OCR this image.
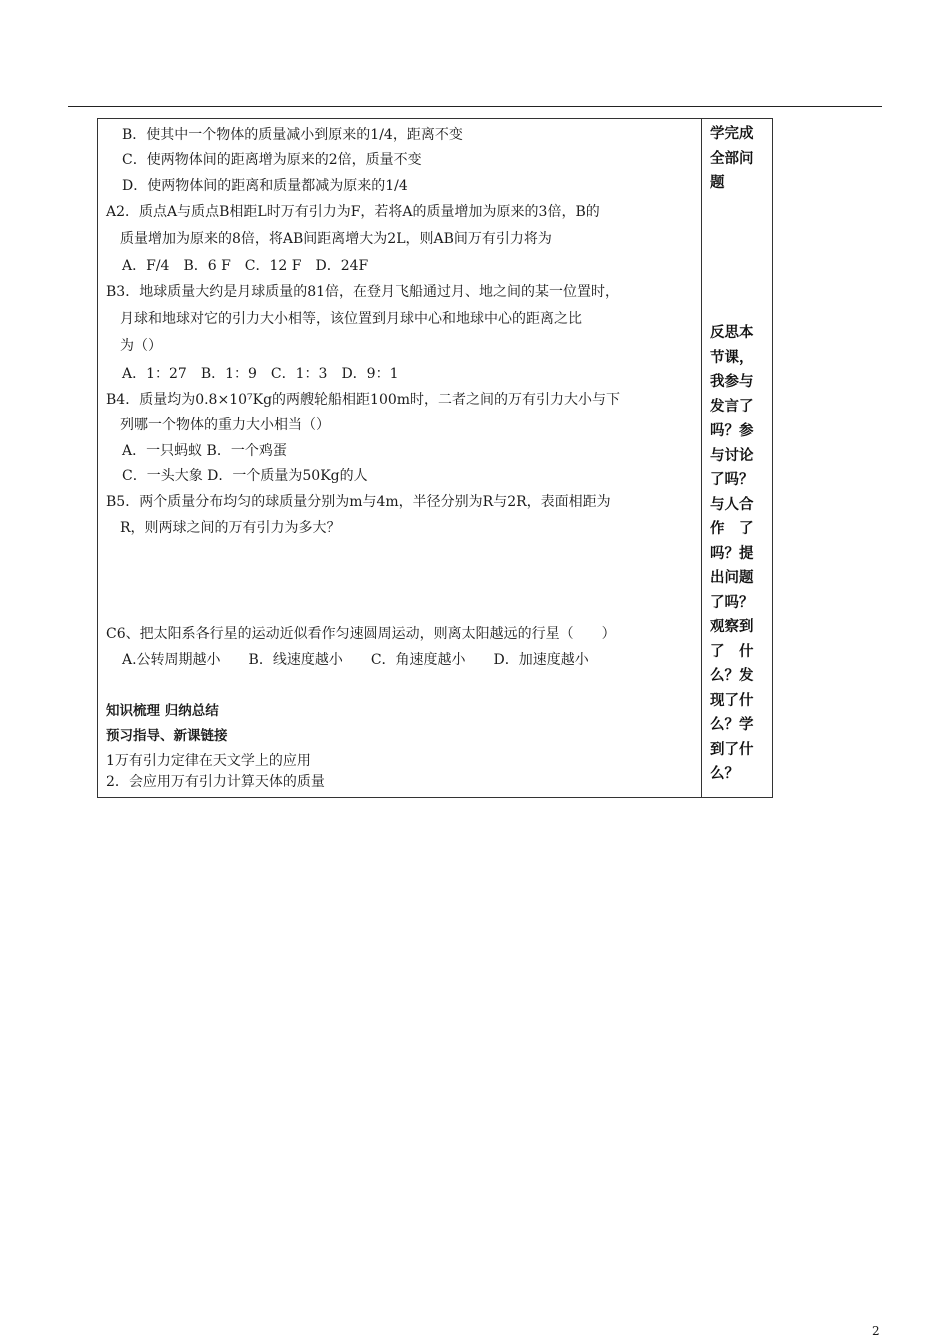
　B．使其中一个物体的质量减小到原来的1/4，距离不变
　C．使两物体间的距离增为原来的2倍，质量不变
　D．使两物体间的距离和质量都减为原来的1/4
A2．质点A与质点B相距L时万有引力为F，若将A的质量增加为原来的3倍，B的
　质量增加为原来的8倍，将AB间距离增大为2L，则AB间万有引力将为
　A．F/4　B．6 F　C．12 F　D．24F
B3．地球质量大约是月球质量的81倍，在登月飞船通过月、地之间的某一位置时，
　月球和地球对它的引力大小相等，该位置到月球中心和地球中心的距离之比
　为（）
　A．1：27　B．1：9　C．1：3　D．9：1
B4．质量均为0.8×10⁷Kg的两艘轮船相距100m时，二者之间的万有引力大小与下
　列哪一个物体的重力大小相当（）
　A．一只蚂蚁 B．一个鸡蛋
　C．一头大象 D．一个质量为50Kg的人
B5．两个质量分布均匀的球质量分别为m与4m，半径分别为R与2R，表面相距为
　R，则两球之间的万有引力为多大？
C6、把太阳系各行星的运动近似看作匀速圆周运动，则离太阳越远的行星（　　）
　A.公转周期越小　　B．线速度越小　　C．角速度越小　　D．加速度越小
知识梳理 归纳总结
预习指导、新课链接
1万有引力定律在天文学上的应用
2．会应用万有引力计算天体的质量
学完成
全部问
题
反思本
节课，
我参与
发言了
吗？参
与讨论
了吗？
与人合
作　了
吗？提
出问题
了吗？
观察到
了　什
么？发
现了什
么？学
到了什
么？
2
